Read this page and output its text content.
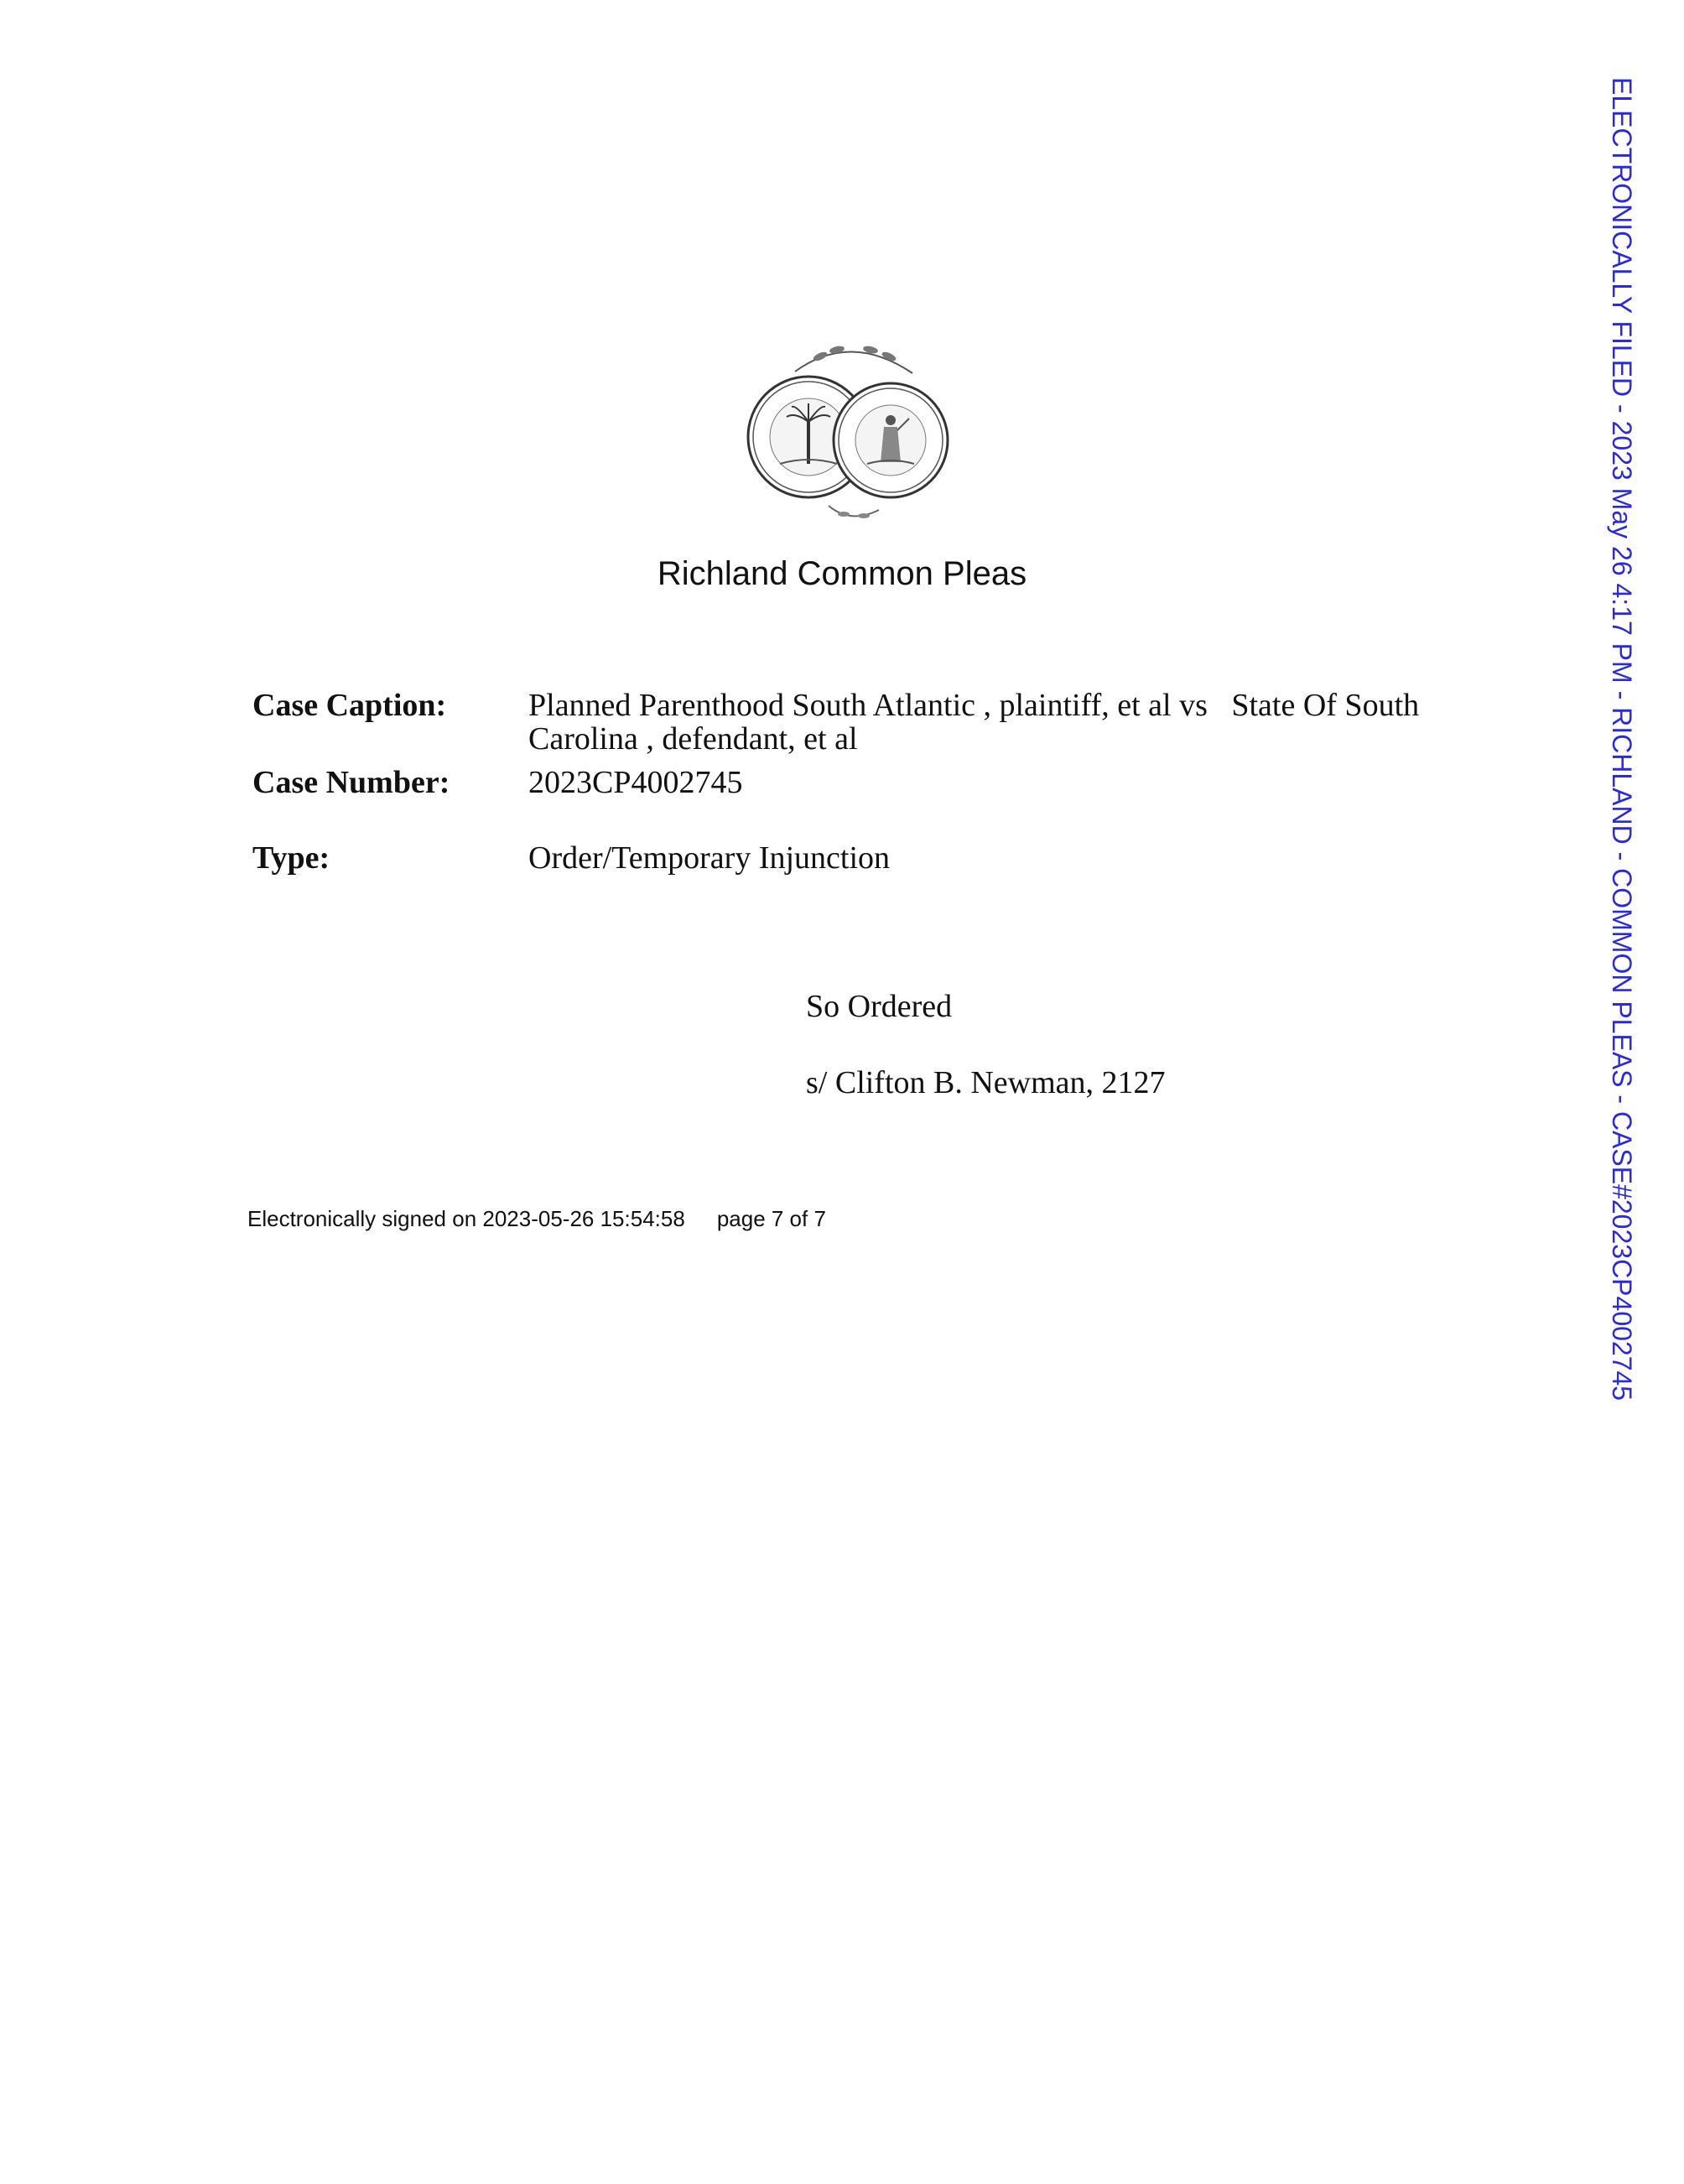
Richland Common Pleas
Case Caption:	Planned Parenthood South Atlantic , plaintiff, et al vs   State Of South
Carolina , defendant, et al
Case Number: 2023CP4002745
Type:	Order/Temporary Injunction
So Ordered
s/ Clifton B. Newman, 2127
Electronically signed on 2023-05-26 15:54:58 page 7 of 7	ELECTRONICALLY FILED - 2023 May 26 4:17 PM - RICHLAND - COMMON PLEAS - CASE#2023CP4002745
